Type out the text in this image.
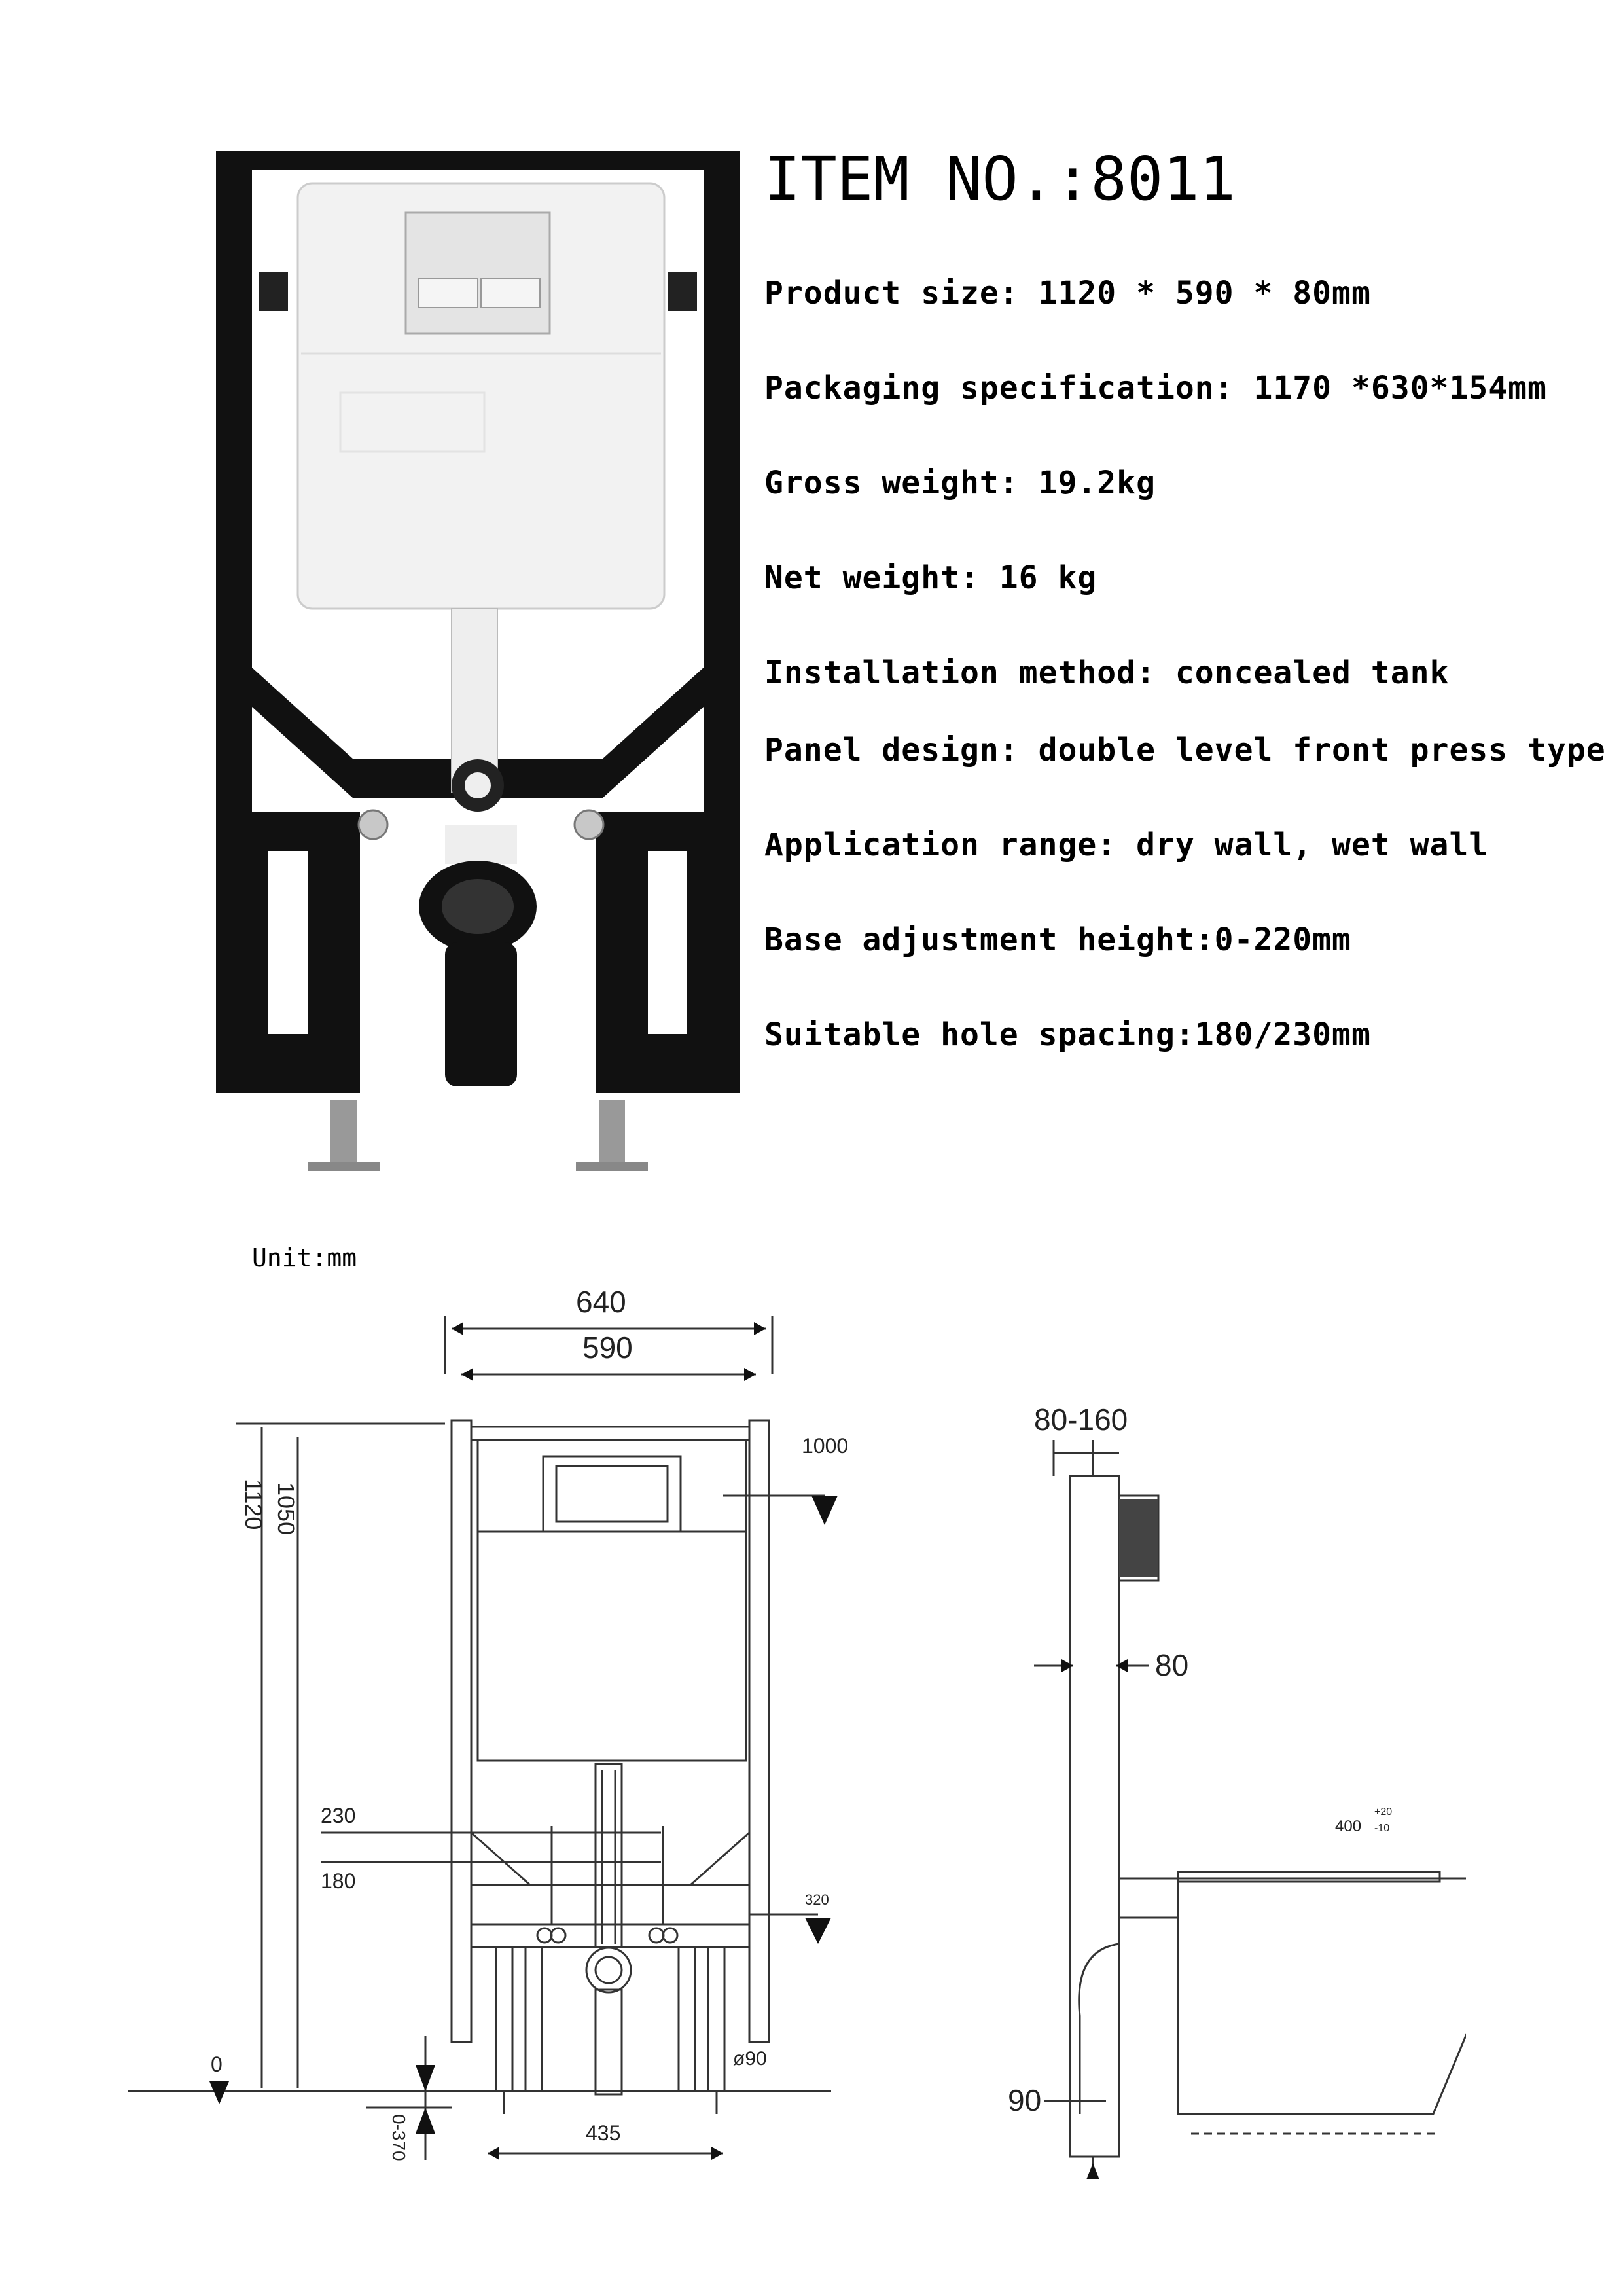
ITEM NO.:8011
Product size: 1120 * 590 * 80mm
Packaging specification: 1170 *630*154mm
Gross weight: 19.2kg
Net weight: 16 kg
Installation method: concealed tank
Panel design: double level front press type
Application range: dry wall, wet wall
Base adjustment height:0-220mm
Suitable hole spacing:180/230mm
Unit:mm
640
590
1120 1050
1000
230
180
320
0	ø90
435
0-370
80-160
80
400
+20
-10
90
